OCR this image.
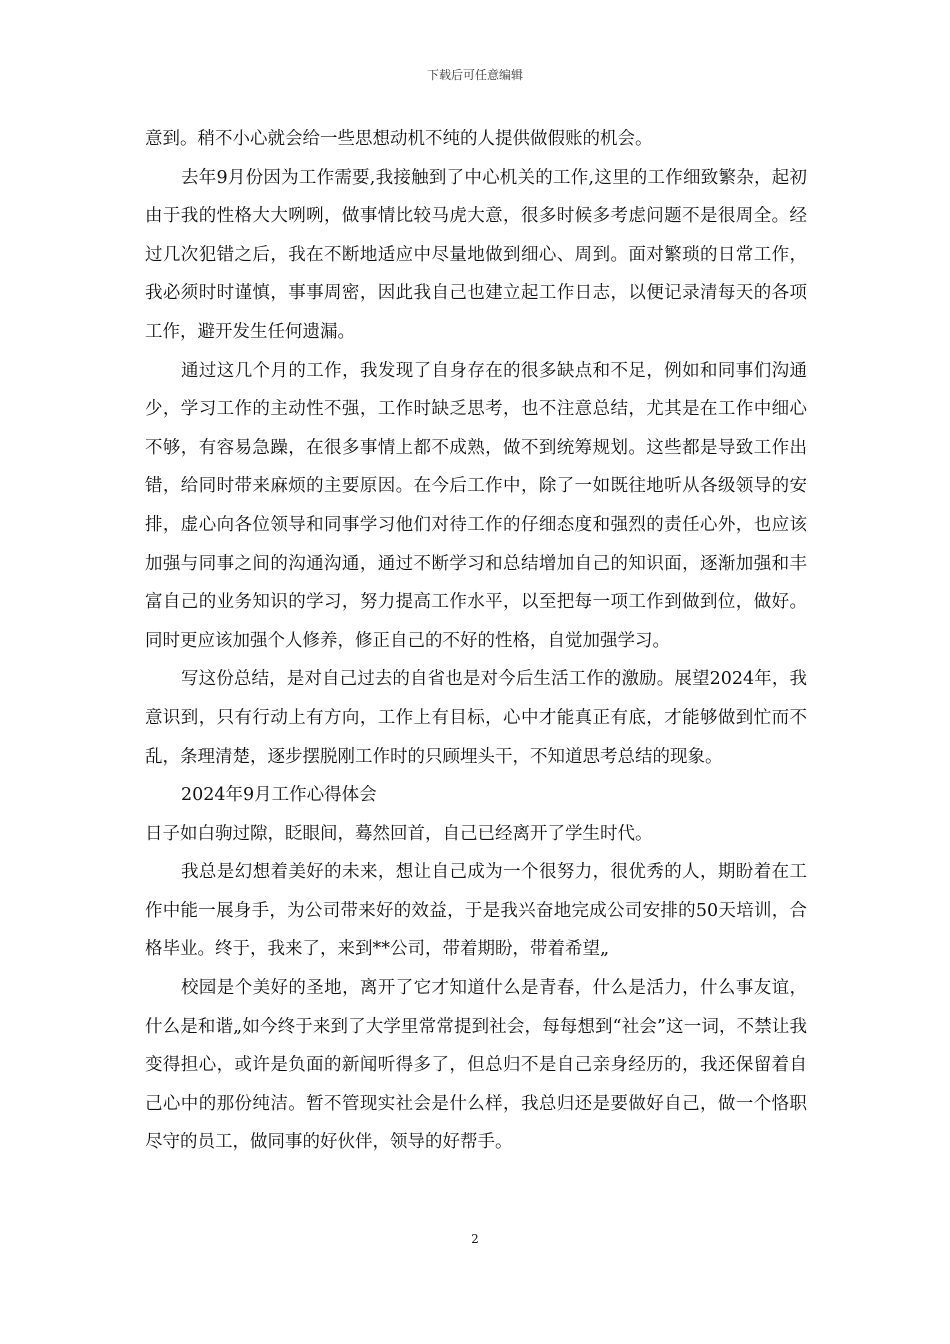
下载后可任意编辑

意到。稍不小心就会给一些思想动机不纯的人提供做假账的机会。

去年9月份因为工作需要,我接触到了中心机关的工作,这里的工作细致繁杂，起初由于我的性格大大咧咧，做事情比较马虎大意，很多时候多考虑问题不是很周全。经过几次犯错之后，我在不断地适应中尽量地做到细心、周到。面对繁琐的日常工作，我必须时时谨慎，事事周密，因此我自己也建立起工作日志，以便记录清每天的各项工作，避开发生任何遗漏。

通过这几个月的工作，我发现了自身存在的很多缺点和不足，例如和同事们沟通少，学习工作的主动性不强，工作时缺乏思考，也不注意总结，尤其是在工作中细心不够，有容易急躁，在很多事情上都不成熟，做不到统筹规划。这些都是导致工作出错，给同时带来麻烦的主要原因。在今后工作中，除了一如既往地听从各级领导的安排，虚心向各位领导和同事学习他们对待工作的仔细态度和强烈的责任心外，也应该加强与同事之间的沟通沟通，通过不断学习和总结增加自己的知识面，逐渐加强和丰富自己的业务知识的学习，努力提高工作水平，以至把每一项工作到做到位，做好。同时更应该加强个人修养，修正自己的不好的性格，自觉加强学习。

写这份总结，是对自己过去的自省也是对今后生活工作的激励。展望2024年，我意识到，只有行动上有方向，工作上有目标，心中才能真正有底，才能够做到忙而不乱，条理清楚，逐步摆脱刚工作时的只顾埋头干，不知道思考总结的现象。

2024年9月工作心得体会

日子如白驹过隙，眨眼间，蓦然回首，自己已经离开了学生时代。

我总是幻想着美好的未来，想让自己成为一个很努力，很优秀的人，期盼着在工作中能一展身手，为公司带来好的效益，于是我兴奋地完成公司安排的50天培训，合格毕业。终于，我来了，来到**公司，带着期盼，带着希望„

校园是个美好的圣地，离开了它才知道什么是青春，什么是活力，什么事友谊，什么是和谐„如今终于来到了大学里常常提到社会，每每想到“社会”这一词，不禁让我变得担心，或许是负面的新闻听得多了，但总归不是自己亲身经历的，我还保留着自己心中的那份纯洁。暂不管现实社会是什么样，我总归还是要做好自己，做一个恪职尽守的员工，做同事的好伙伴，领导的好帮手。

2
